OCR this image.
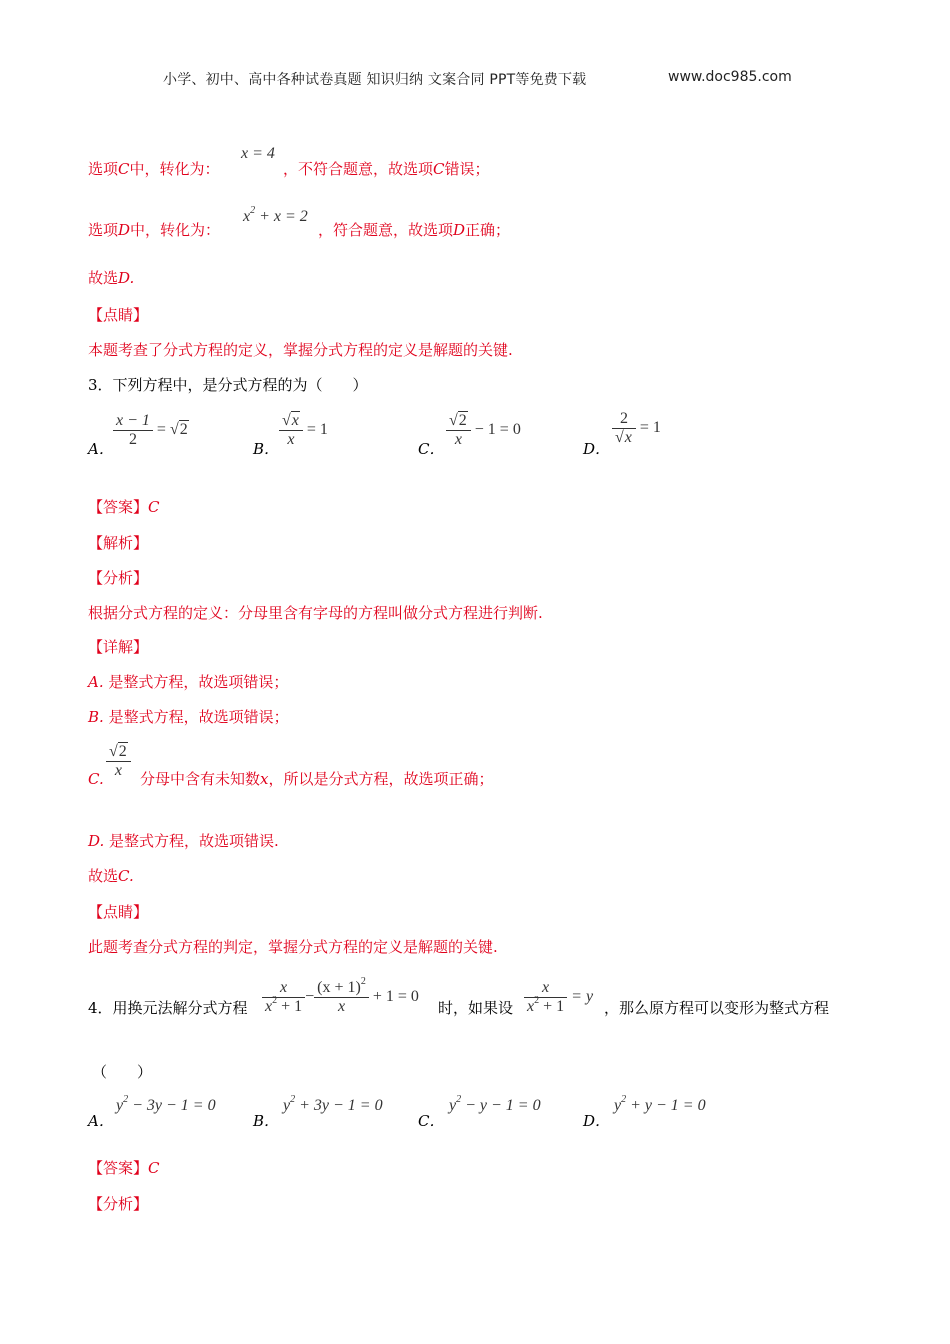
小学、初中、高中各种试卷真题 知识归纳 文案合同 PPT等免费下载	www.doc985.com
选项C中，转化为：
x = 4
，不符合题意，故选项C错误；
选项D中，转化为：
$x^2 + x = 2$
，符合题意，故选项D正确；
故选D.
【点睛】
本题考查了分式方程的定义，掌握分式方程的定义是解题的关键.
3．下列方程中，是分式方程的为（　　）
A． $\frac{x - 1}{2} = √2$
B． $\frac{√x}{x} = 1$
C． $\frac{√2}{x} - 1 = 0$
D．
$\frac{2}{√x} = 1$
【答案】C
【解析】
【分析】
根据分式方程的定义：分母里含有字母的方程叫做分式方程进行判断.
【详解】
A. 是整式方程，故选项错误；
B. 是整式方程，故选项错误；
C. $\frac{√2}{x}$ 分母中含有未知数x，所以是分式方程，故选项正确；
D. 是整式方程，故选项错误.
故选C.
【点睛】
此题考查分式方程的判定，掌握分式方程的定义是解题的关键.
4．用换元法解分式方程 $\frac{x}{x^2 + 1} - \frac{(x + 1)^2}{x} + 1 = 0$
时，如果设 $\frac{x}{x^2 + 1} = y$
，那么原方程可以变形为整式方程
（　　）
A．
$y^2 - 3y - 1 = 0$
B．
$y^2 + 3y - 1 = 0$
C．
$y^2 - y - 1 = 0$
D．
$y^2 + y - 1 = 0$
【答案】C
【分析】
